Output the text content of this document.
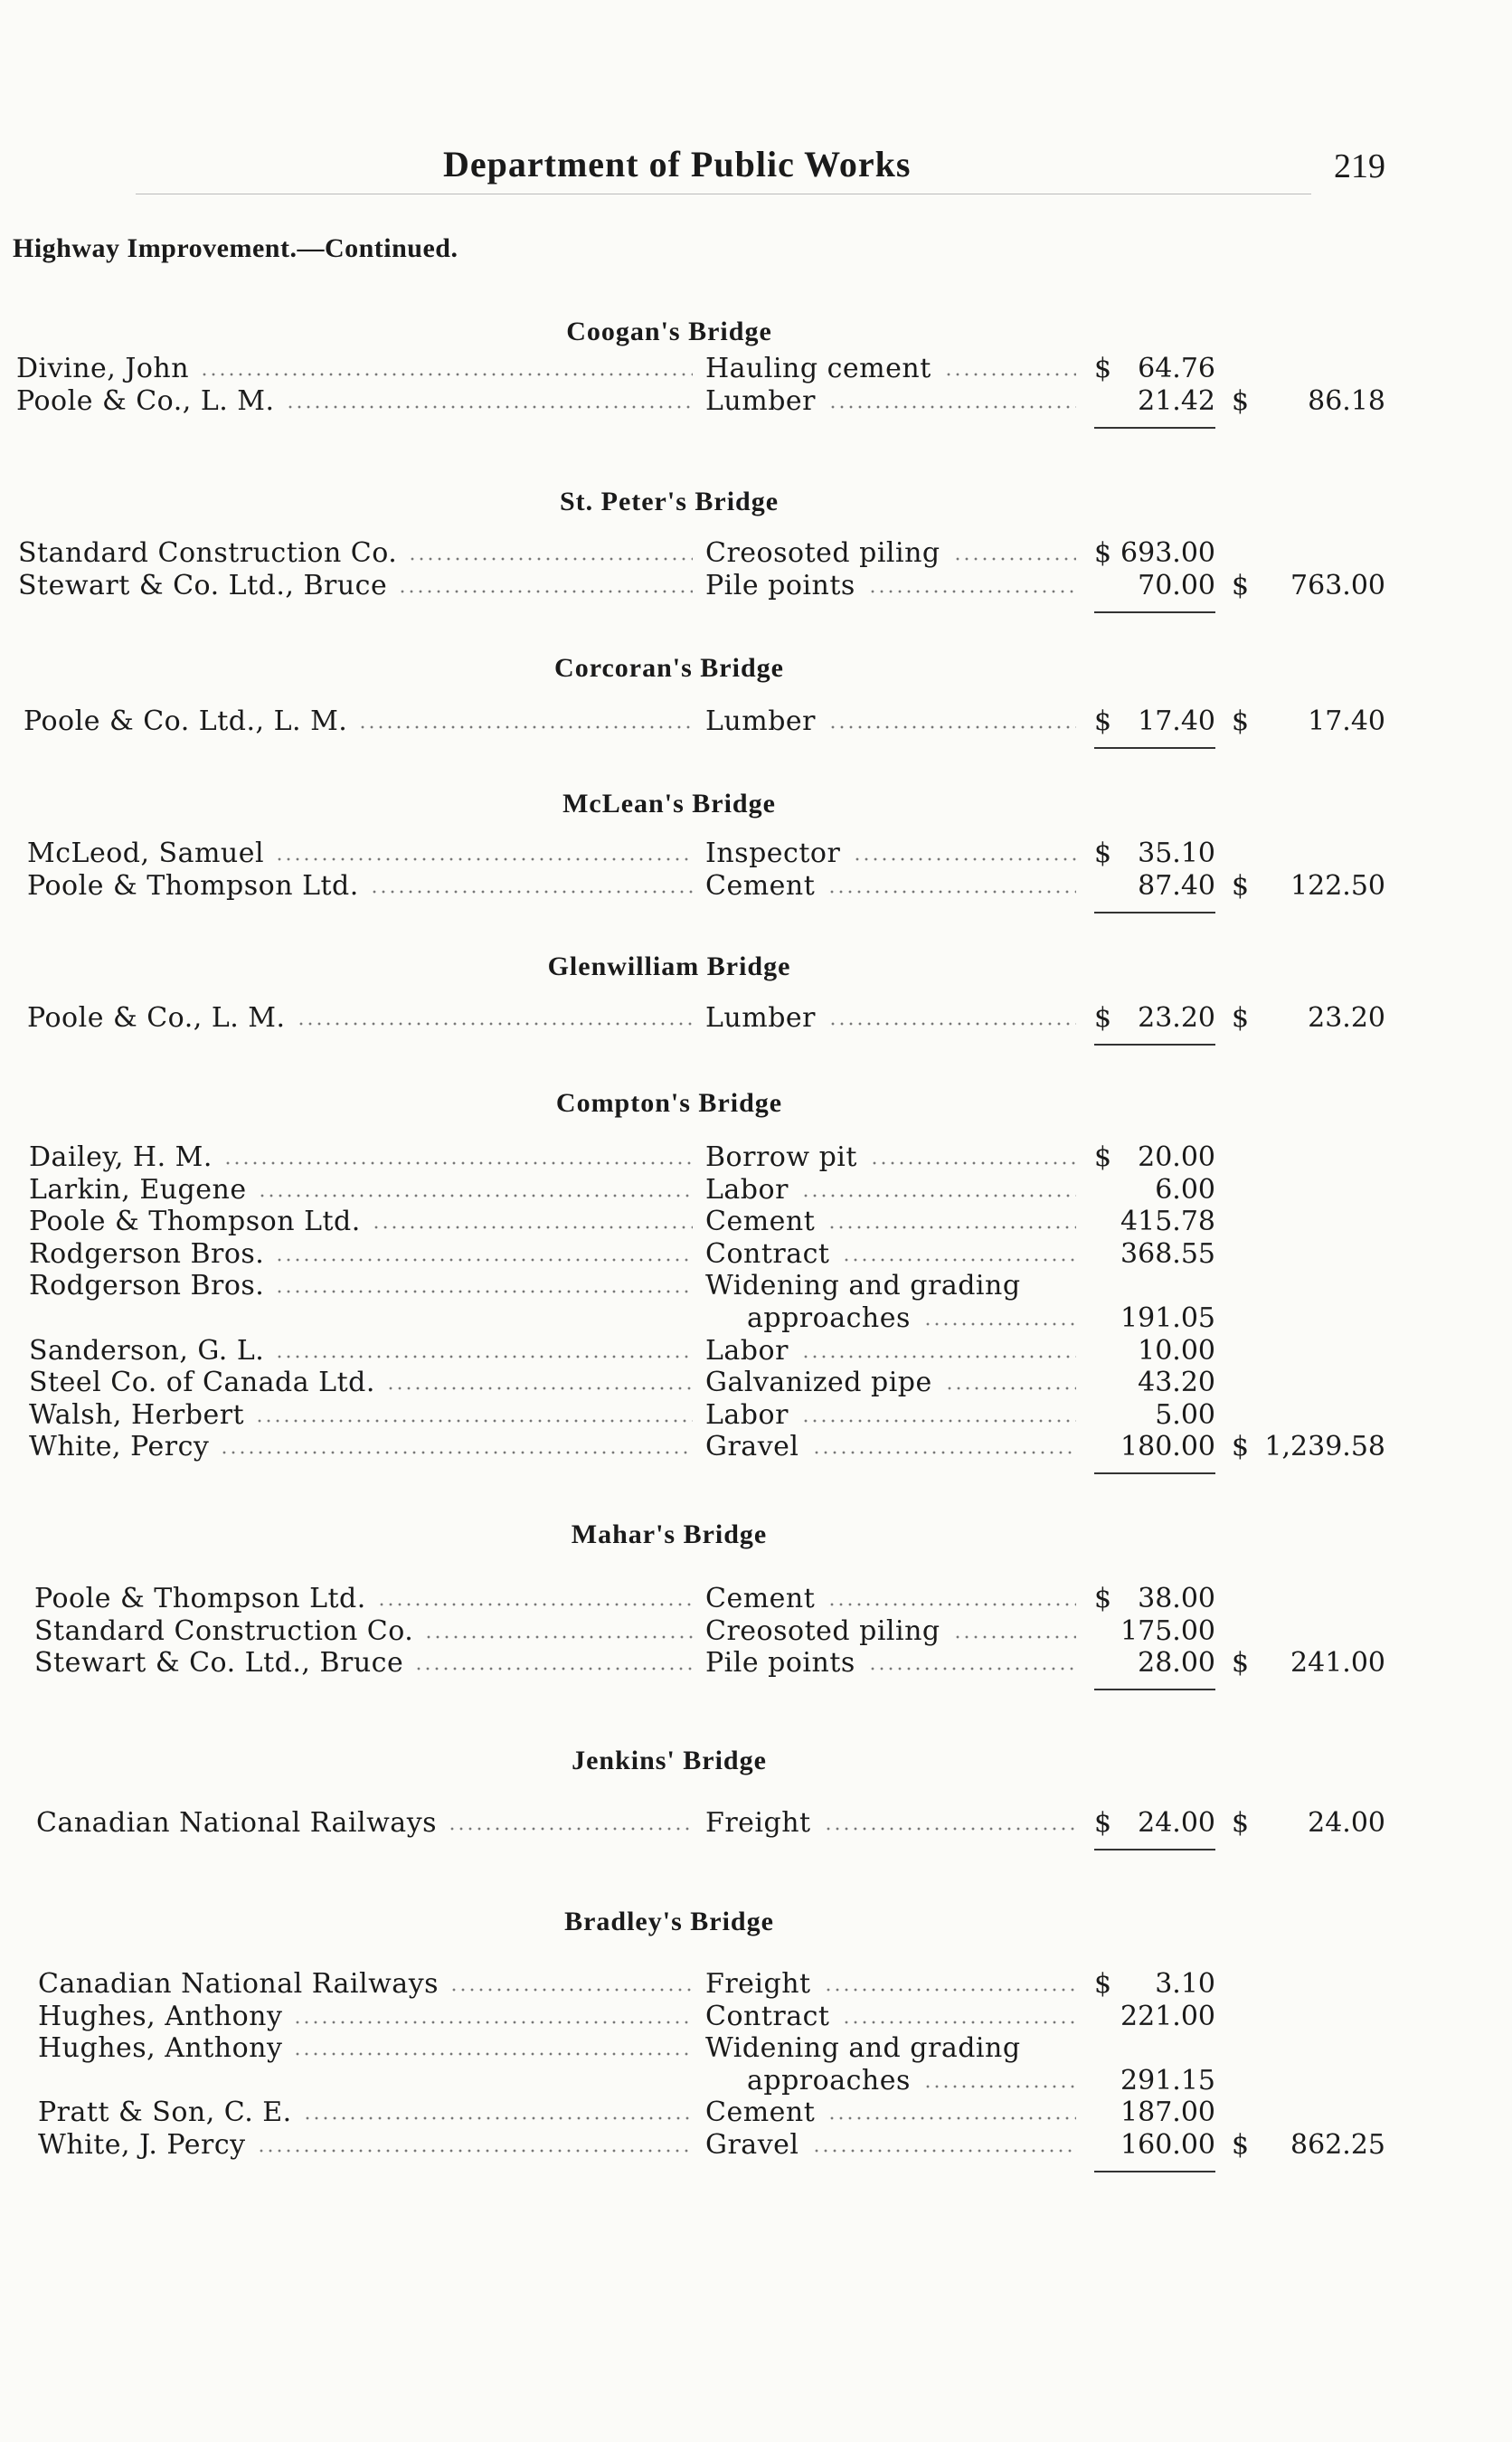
Department of Public Works	219
Highway Improvement.—Continued.
Coogan's Bridge
Divine, John	Hauling cement	$ 64.76
Poole & Co., L. M.	Lumber	21.42 $ 86.18
St. Peter's Bridge
Standard Construction Co.	Creosoted piling	$ 693.00
Stewart & Co. Ltd., Bruce	Pile points	70.00 $ 763.00
Corcoran's Bridge
Poole & Co. Ltd., L. M.	Lumber	$ 17.40 $ 17.40
McLean's Bridge
McLeod, Samuel	Inspector	$ 35.10
Poole & Thompson Ltd.	Cement	87.40 $ 122.50
Glenwilliam Bridge
Poole & Co., L. M.	Lumber	$ 23.20 $ 23.20
Compton's Bridge
Dailey, H. M.	Borrow pit	$ 20.00
Larkin, Eugene	Labor	6.00
Poole & Thompson Ltd.	Cement	415.78
Rodgerson Bros.	Contract	368.55
Rodgerson Bros.	Widening and grading
approaches	191.05
Sanderson, G. L.	Labor	10.00
Steel Co. of Canada Ltd.	Galvanized pipe	43.20
Walsh, Herbert	Labor	5.00
White, Percy	Gravel	180.00 $ 1,239.58
Mahar's Bridge
Poole & Thompson Ltd.	Cement	$ 38.00
Standard Construction Co.	Creosoted piling	175.00
Stewart & Co. Ltd., Bruce	Pile points	28.00 $ 241.00
Jenkins' Bridge
Canadian National Railways	Freight	$ 24.00 $ 24.00
Bradley's Bridge
Canadian National Railways	Freight	$ 3.10
Hughes, Anthony	Contract	221.00
Hughes, Anthony	Widening and grading
approaches	291.15
Pratt & Son, C. E.	Cement	187.00
White, J. Percy	Gravel	160.00 $ 862.25
